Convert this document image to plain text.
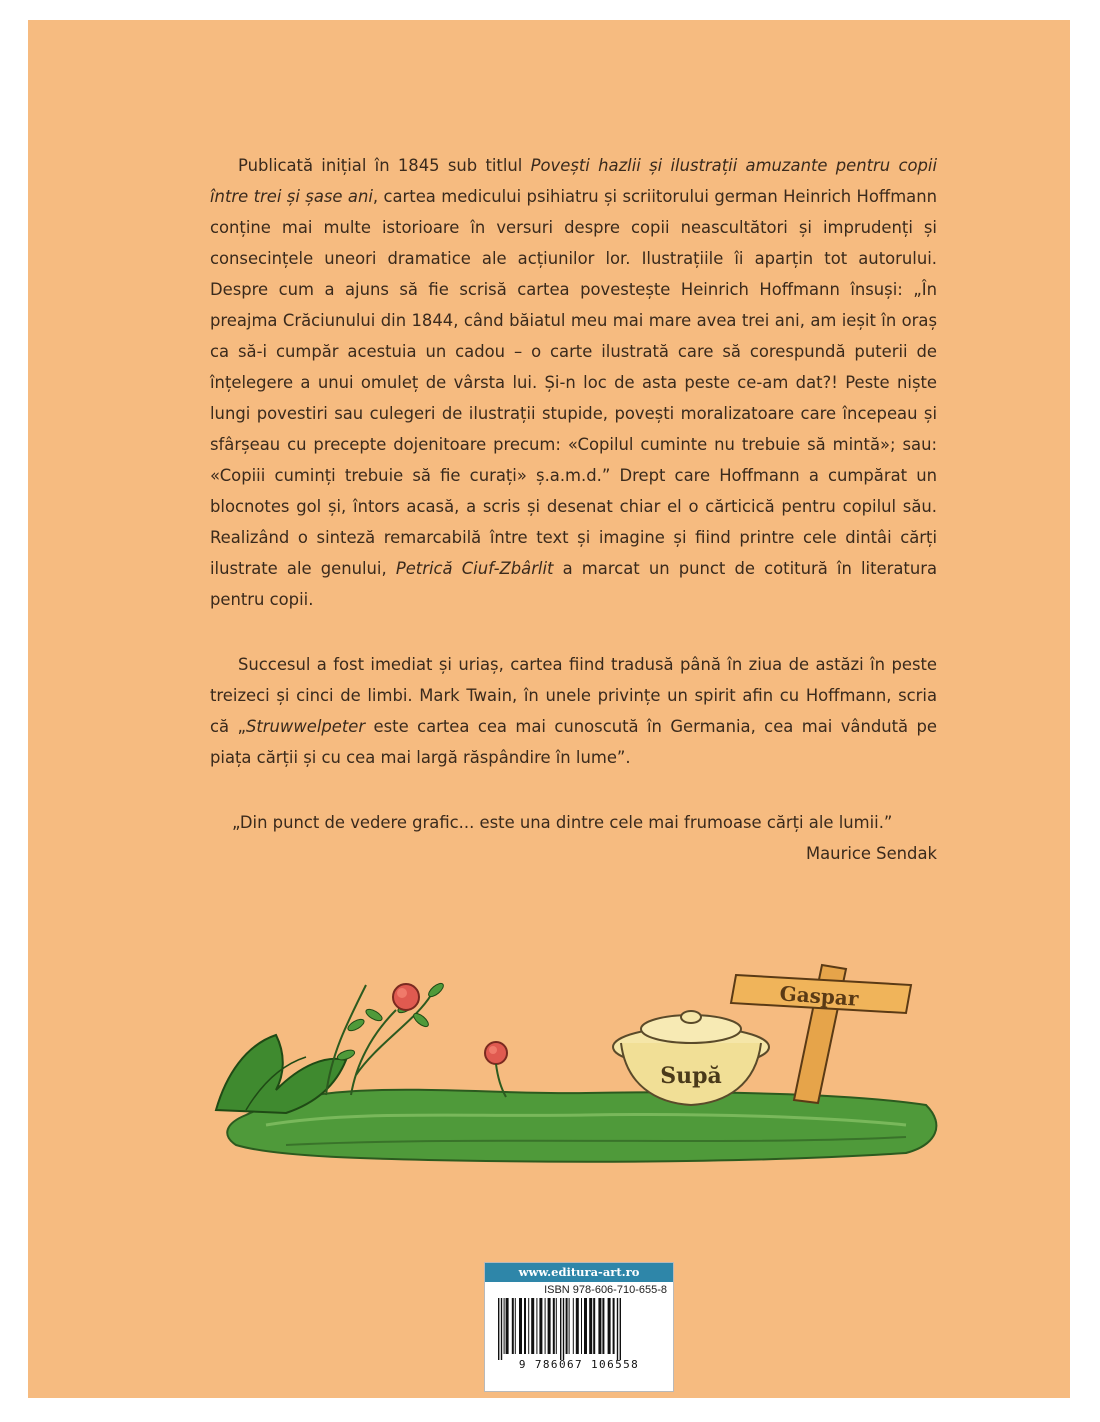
Publicată inițial în 1845 sub titlul Povești hazlii și ilustrații amuzante pentru copii între trei și șase ani, cartea medicului psihiatru și scriitorului german Heinrich Hoffmann conține mai multe istorioare în versuri despre copii neascultători și imprudenți și consecințele uneori dramatice ale acțiunilor lor. Ilustrațiile îi aparțin tot autorului. Despre cum a ajuns să fie scrisă cartea povestește Heinrich Hoffmann însuși: „În preajma Crăciunului din 1844, când băiatul meu mai mare avea trei ani, am ieșit în oraș ca să-i cumpăr acestuia un cadou – o carte ilustrată care să corespundă puterii de înțelegere a unui omuleț de vârsta lui. Și-n loc de asta peste ce-am dat?! Peste niște lungi povestiri sau culegeri de ilustrații stupide, povești moralizatoare care începeau și sfârșeau cu precepte dojenitoare precum: «Copilul cuminte nu trebuie să mintă»; sau: «Copiii cuminți trebuie să fie curați» ș.a.m.d.” Drept care Hoffmann a cumpărat un blocnotes gol și, întors acasă, a scris și desenat chiar el o cărticică pentru copilul său. Realizând o sinteză remarcabilă între text și imagine și fiind printre cele dintâi cărți ilustrate ale genului, Petrică Ciuf-Zbârlit a marcat un punct de cotitură în literatura pentru copii.

Succesul a fost imediat și uriaș, cartea fiind tradusă până în ziua de astăzi în peste treizeci și cinci de limbi. Mark Twain, în unele privințe un spirit afin cu Hoffmann, scria că „Struwwelpeter este cartea cea mai cunoscută în Germania, cea mai vândută pe piața cărții și cu cea mai largă răspândire în lume”.

„Din punct de vedere grafic... este una dintre cele mai frumoase cărți ale lumii.”

Maurice Sendak

Supă
Gaspar
www.editura-art.ro
ISBN 978-606-710-655-8
9 786067 106558
